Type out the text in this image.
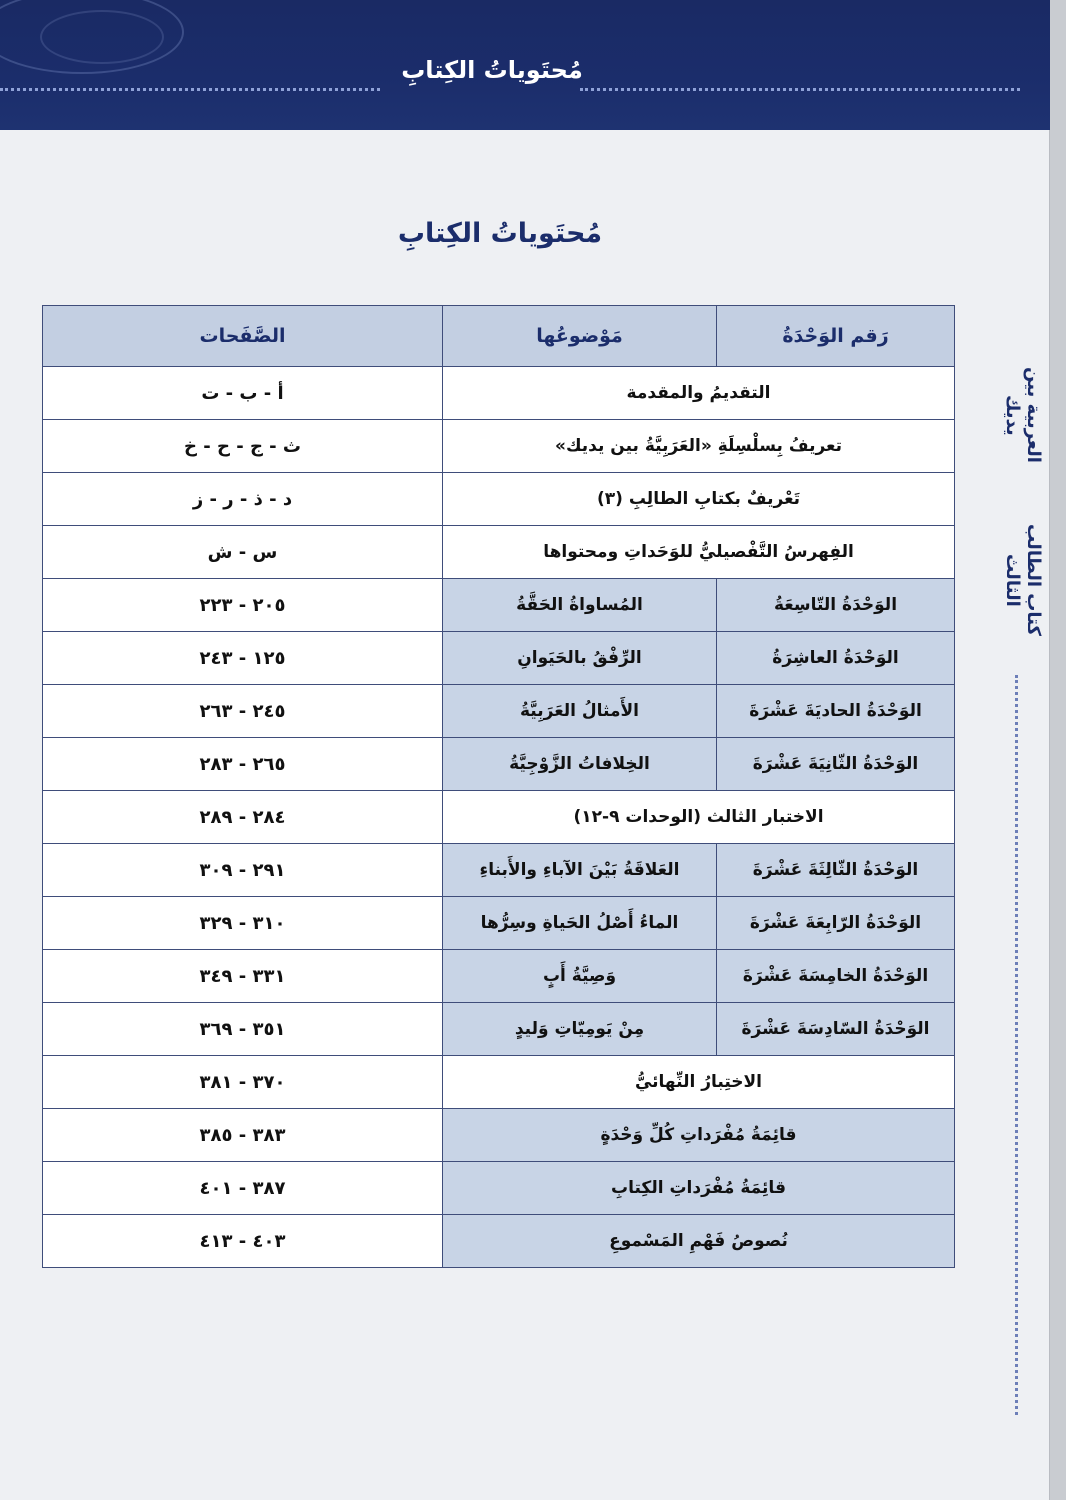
مُحتَوياتُ الكِتابِ
العربية بين يديك
كتاب الطالب الثالث
مُحتَوياتُ الكِتابِ
رَقم الوَحْدَةُ	مَوْضوعُها	الصَّفَحات
التقديمُ والمقدمة		أ - ب - ت
تعريفُ بِسلْسِلَةِ «العَرَبِيَّةُ بين يديك»		ث - ج - ح - خ
تَعْريفٌ بكتابِ الطالِبِ (٣)		د - ذ - ر - ز
الفِهرسُ التَّفْصيليُّ للوَحَداتِ ومحتواها		س - ش
الوَحْدَةُ التّاسِعَةُ	المُساواةُ الحَقَّةُ	٢٠٥ - ٢٢٣
الوَحْدَةُ العاشِرَةُ	الرِّفْقُ بالحَيَوانِ	١٢٥ - ٢٤٣
الوَحْدَةُ الحاديَةَ عَشْرَةَ	الأَمثالُ العَرَبِيَّةُ	٢٤٥ - ٢٦٣
الوَحْدَةُ الثّانِيَةَ عَشْرَةَ	الخِلافاتُ الزَّوْجِيَّةُ	٢٦٥ - ٢٨٣
الاختبار الثالث (الوحدات ٩-١٢)		٢٨٤ - ٢٨٩
الوَحْدَةُ الثّالِثَةَ عَشْرَةَ	العَلاقَةُ بَيْنَ الآباءِ والأَبناءِ	٢٩١ - ٣٠٩
الوَحْدَةُ الرّابِعَةَ عَشْرَةَ	الماءُ أَصْلُ الحَياةِ وسِرُّها	٣١٠ - ٣٢٩
الوَحْدَةُ الخامِسَةَ عَشْرَةَ	وَصِيَّةُ أَبٍ	٣٣١ - ٣٤٩
الوَحْدَةُ السّادِسَةَ عَشْرَةَ	مِنْ يَومِيّاتِ وَليدٍ	٣٥١ - ٣٦٩
الاختِبارُ النِّهائيُّ		٣٧٠ - ٣٨١
قائِمَةُ مُفْرَداتِ كُلِّ وَحْدَةٍ		٣٨٣ - ٣٨٥
قائِمَةُ مُفْرَداتِ الكِتابِ		٣٨٧ - ٤٠١
نُصوصُ فَهْمِ المَسْموعِ		٤٠٣ - ٤١٣
